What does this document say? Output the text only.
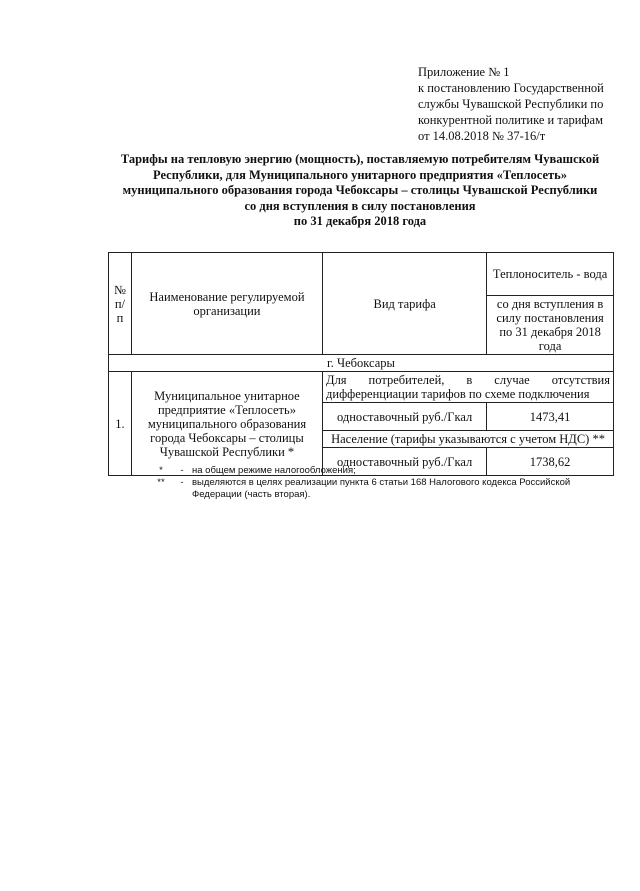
Приложение № 1
к постановлению Государственной
службы Чувашской Республики по
конкурентной политике и тарифам
от 14.08.2018 № 37-16/т
Тарифы на тепловую энергию (мощность), поставляемую потребителям Чувашской
Республики, для Муниципального унитарного предприятия «Теплосеть»
муниципального образования города Чебоксары – столицы Чувашской Республики
со дня вступления в силу постановления
по 31 декабря 2018 года
№ п/п	Наименование регулируемой организации	Вид тарифа	Теплоноситель - вода
			со дня вступления в силу постановления по 31 декабря 2018 года
г. Чебоксары			
1.	Муниципальное унитарное предприятие «Теплосеть» муниципального образования города Чебоксары – столицы Чувашской Республики *	Для потребителей, в случае отсутствия
дифференциации тарифов по схеме подключения	

		одноставочный руб./Гкал	1473,41
		Население (тарифы указываются с учетом НДС) **	
		одноставочный руб./Гкал	1738,62
*	- на общем режиме налогообложения;
**	- выделяются в целях реализации пункта 6 статьи 168 Налогового кодекса Российской Федерации (часть вторая).
